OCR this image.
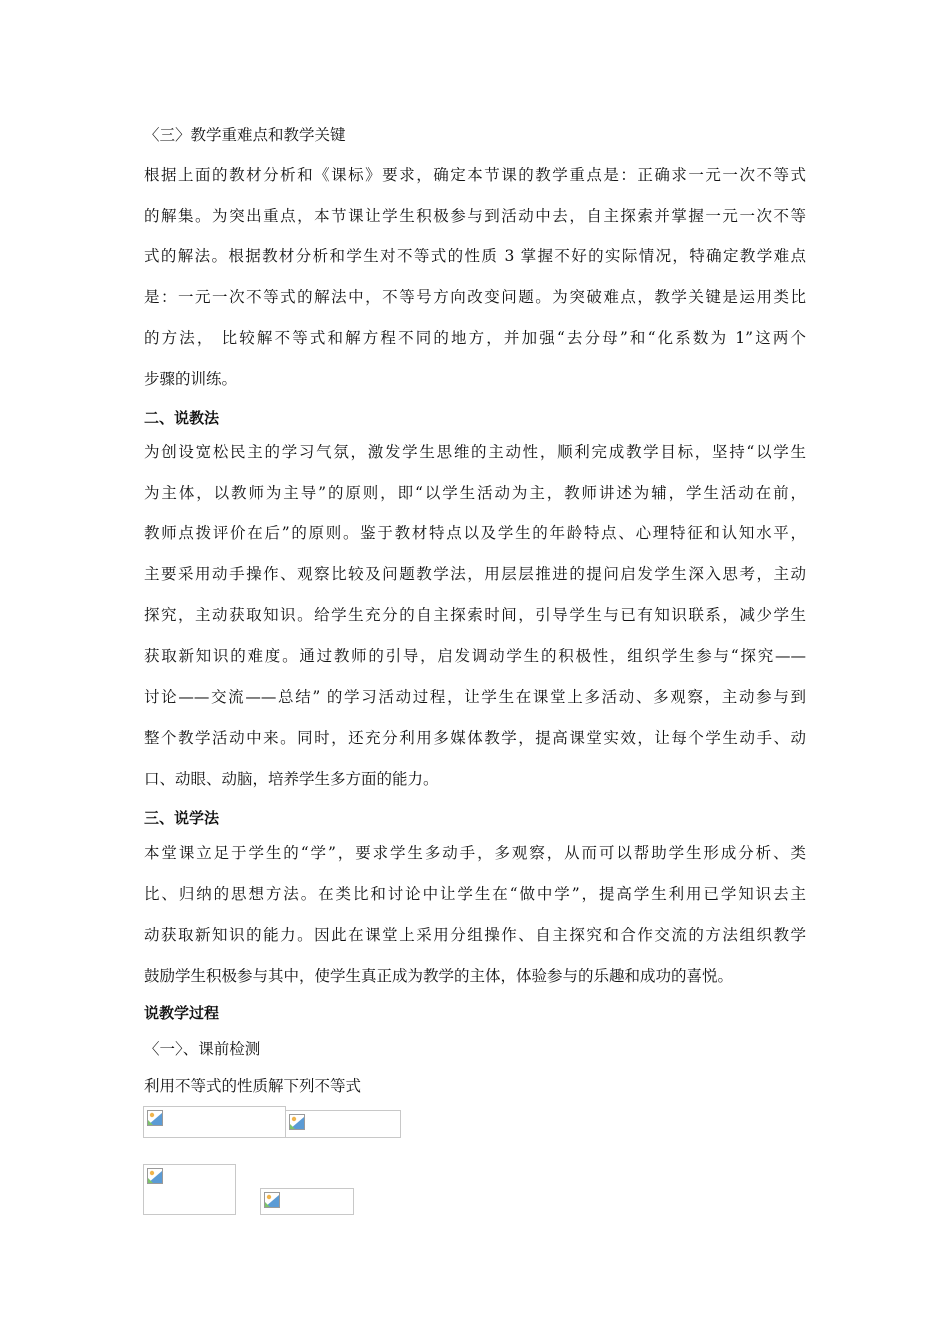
〈三〉教学重难点和教学关键
根据上面的教材分析和《课标》要求，确定本节课的教学重点是：正确求一元一次不等式
的解集。为突出重点，本节课让学生积极参与到活动中去，自主探索并掌握一元一次不等
式的解法。根据教材分析和学生对不等式的性质 3 掌握不好的实际情况，特确定教学难点
是：一元一次不等式的解法中，不等号方向改变问题。为突破难点，教学关键是运用类比
的方法， 比较解不等式和解方程不同的地方，并加强“去分母”和“化系数为 1”这两个
步骤的训练。
二、说教法
为创设宽松民主的学习气氛，激发学生思维的主动性，顺利完成教学目标，坚持“以学生
为主体，以教师为主导”的原则，即“以学生活动为主，教师讲述为辅，学生活动在前，
教师点拨评价在后”的原则。鉴于教材特点以及学生的年龄特点、心理特征和认知水平，
主要采用动手操作、观察比较及问题教学法，用层层推进的提问启发学生深入思考，主动
探究，主动获取知识。给学生充分的自主探索时间，引导学生与已有知识联系，减少学生
获取新知识的难度。通过教师的引导，启发调动学生的积极性，组织学生参与“探究——
讨论——交流——总结” 的学习活动过程，让学生在课堂上多活动、多观察，主动参与到
整个教学活动中来。同时，还充分利用多媒体教学，提高课堂实效，让每个学生动手、动
口、动眼、动脑，培养学生多方面的能力。
三、说学法
本堂课立足于学生的“学”，要求学生多动手，多观察，从而可以帮助学生形成分析、类
比、归纳的思想方法。在类比和讨论中让学生在“做中学”，提高学生利用已学知识去主
动获取新知识的能力。因此在课堂上采用分组操作、自主探究和合作交流的方法组织教学
鼓励学生积极参与其中，使学生真正成为教学的主体，体验参与的乐趣和成功的喜悦。
说教学过程
〈一〉、课前检测
利用不等式的性质解下列不等式
